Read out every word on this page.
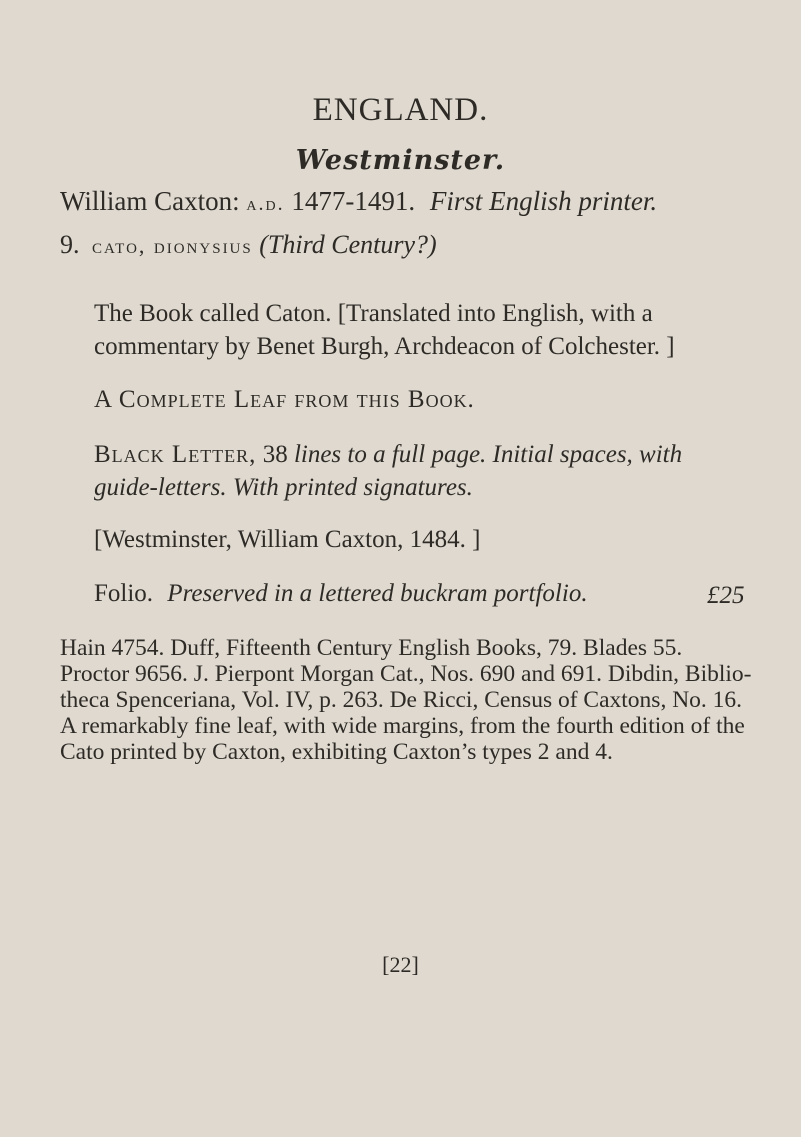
ENGLAND.
Westminster.
William Caxton: a.d. 1477-1491. First English printer.
9. cato, dionysius (Third Century?)
The Book called Caton. [Translated into English, with a
commentary by Benet Burgh, Archdeacon of Colchester. ]
A Complete Leaf from this Book.
Black Letter, 38 lines to a full page. Initial spaces, with
guide-letters. With printed signatures.
[Westminster, William Caxton, 1484. ]
Folio. Preserved in a lettered buckram portfolio.	£25
Hain 4754. Duff, Fifteenth Century English Books, 79. Blades 55.
Proctor 9656. J. Pierpont Morgan Cat., Nos. 690 and 691. Dibdin, Biblio-
theca Spenceriana, Vol. IV, p. 263. De Ricci, Census of Caxtons, No. 16.
A remarkably fine leaf, with wide margins, from the fourth edition of the
Cato printed by Caxton, exhibiting Caxton’s types 2 and 4.
[22]
